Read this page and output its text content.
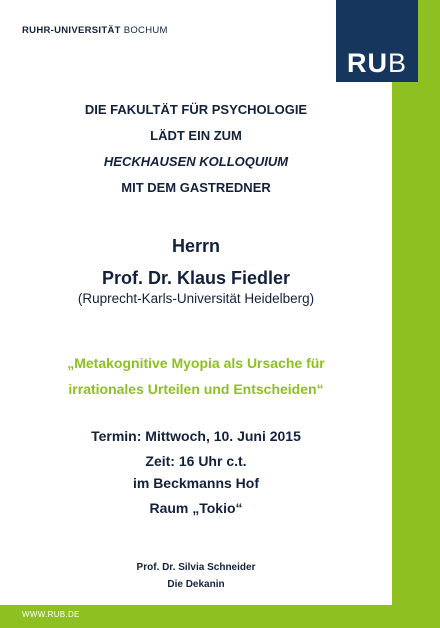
WWW.RUB.DE
RUHR-UNIVERSITÄT BOCHUM
RUB
DIE FAKULTÄT FÜR PSYCHOLOGIE
LÄDT EIN ZUM
HECKHAUSEN KOLLOQUIUM
MIT DEM GASTREDNER
Herrn
Prof. Dr. Klaus Fiedler
(Ruprecht-Karls-Universität Heidelberg)
„Metakognitive Myopia als Ursache für
irrationales Urteilen und Entscheiden“
Termin: Mittwoch, 10. Juni 2015
Zeit: 16 Uhr c.t.
im Beckmanns Hof
Raum „Tokio“
Prof. Dr. Silvia Schneider
Die Dekanin
